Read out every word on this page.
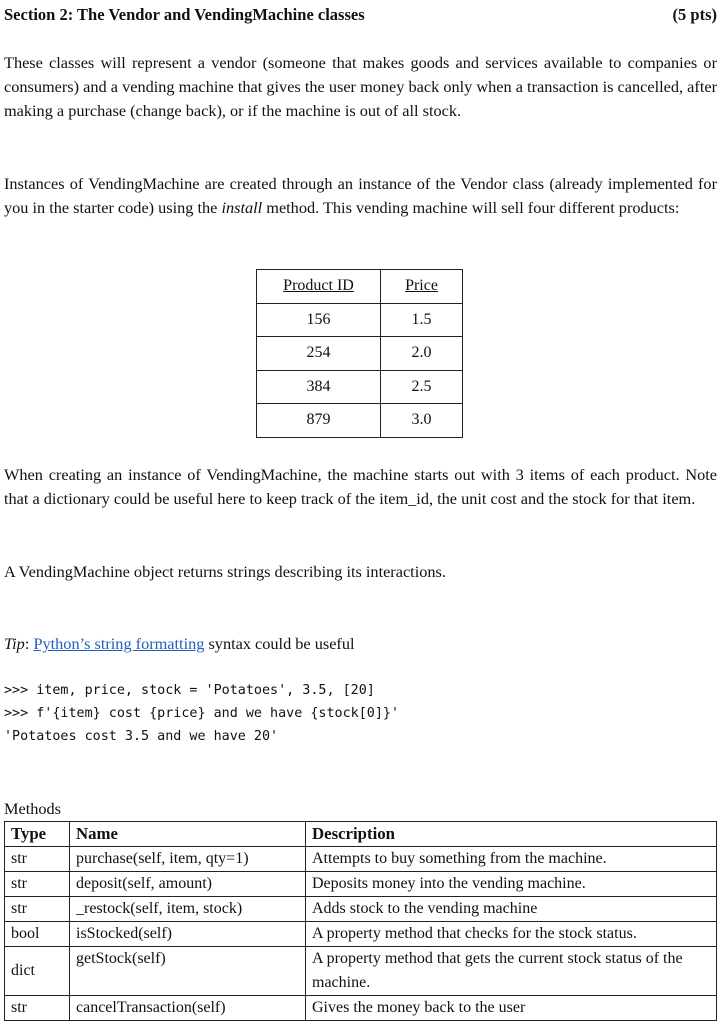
Section 2: The Vendor and VendingMachine classes	(5 pts)
These classes will represent a vendor (someone that makes goods and services available to companies or consumers) and a vending machine that gives the user money back only when a transaction is cancelled, after making a purchase (change back), or if the machine is out of all stock.
Instances of VendingMachine are created through an instance of the Vendor class (already implemented for you in the starter code) using the install method. This vending machine will sell four different products:
Product ID	Price
156	1.5
254	2.0
384	2.5
879	3.0
When creating an instance of VendingMachine, the machine starts out with 3 items of each product. Note that a dictionary could be useful here to keep track of the item_id, the unit cost and the stock for that item.
A VendingMachine object returns strings describing its interactions.
Tip: Python’s string formatting syntax could be useful
>>> item, price, stock = 'Potatoes', 3.5, [20]
>>> f'{item} cost {price} and we have {stock[0]}'
'Potatoes cost 3.5 and we have 20'
Methods
Type	Name	Description
str	purchase(self, item, qty=1)	Attempts to buy something from the machine.
str	deposit(self, amount)	Deposits money into the vending machine.
str	_restock(self, item, stock)	Adds stock to the vending machine
bool	isStocked(self)	A property method that checks for the stock status.
dict	getStock(self)	A property method that gets the current stock status of the machine.
str	cancelTransaction(self)	Gives the money back to the user
